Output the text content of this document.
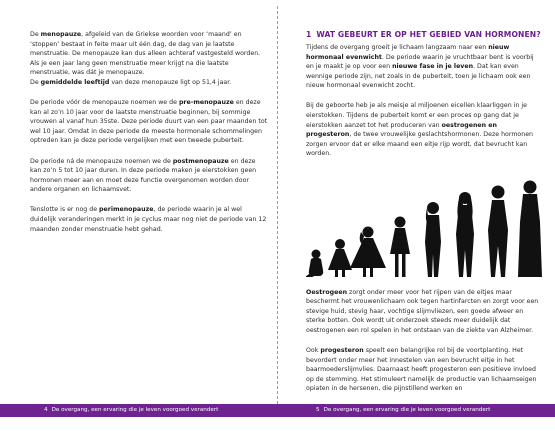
De menopauze, afgeleid van de Griekse woorden voor ‘maand’ en ‘stoppen’ bestaat in feite maar uit één dag, de dag van je laatste menstruatie. De menopauze kan dus alleen achteraf vastgesteld worden. Als je een jaar lang geen menstruatie meer krijgt na die laatste menstruatie, was dát je menopauze.
De gemiddelde leeftijd van deze menopauze ligt op 51,4 jaar.

De periode vóór de menopauze noemen we de pre-menopauze en deze kan al zo’n 10 jaar voor de laatste menstruatie beginnen, bij sommige vrouwen al vanaf hun 35ste. Deze periode duurt van een paar maanden tot wel 10 jaar. Omdat in deze periode de meeste hormonale schommelingen optreden kan je deze periode vergelijken met een tweede puberteit.

De periode ná de menopauze noemen we de postmenopauze en deze kan zo’n 5 tot 10 jaar duren. In deze periode maken je eierstokken geen hormonen meer aan en moet deze functie overgenomen worden door andere organen en lichaamsvet.

Tenslotte is er nog de perimenopauze, de periode waarin je al wel duidelijk veranderingen merkt in je cyclus maar nog niet de periode van 12 maanden zonder menstruatie hebt gehad.

1 WAT GEBEURT ER OP HET GEBIED VAN HORMONEN?

Tijdens de overgang groeit je lichaam langzaam naar een nieuw hormonaal evenwicht. De periode waarin je vruchtbaar bent is voorbij en je maakt je op voor een nieuwe fase in je leven. Dat kan even wennige periode zijn, net zoals in de puberteit, toen je lichaam ook een nieuw hormonaal evenwicht zocht.

Bij de geboorte heb je als meisje al miljoenen eicellen klaarliggen in je eierstokken. Tijdens de puberteit komt er een proces op gang dat je eierstokken aanzet tot het produceren van oestrogenen en progesteron, de twee vrouwelijke geslachtshormonen. Deze hormonen zorgen ervoor dat er elke maand een eitje rijp wordt, dat bevrucht kan worden.

Oestrogeen zorgt onder meer voor het rijpen van de eitjes maar beschermt het vrouwenlichaam ook tegen hartinfarcten en zorgt voor een stevige huid, stevig haar, vochtige slijmvliezen, een goede afweer en sterke botten. Ook wordt uit onderzoek steeds meer duidelijk dat oestrogenen een rol spelen in het ontstaan van de ziekte van Alzheimer.

Ook progesteron speelt een belangrijke rol bij de voortplanting. Het bevordert onder meer het innestelen van een bevrucht eitje in het baarmoederslijmvlies. Daarnaast heeft progesteron een positieve invloed op de stemming. Het stimuleert namelijk de productie van lichaamseigen opiaten in de hersenen, die pijnstillend werken en

4 De overgang, een ervaring die je leven voorgoed verandert	5 De overgang, een ervaring die je leven voorgoed verandert
